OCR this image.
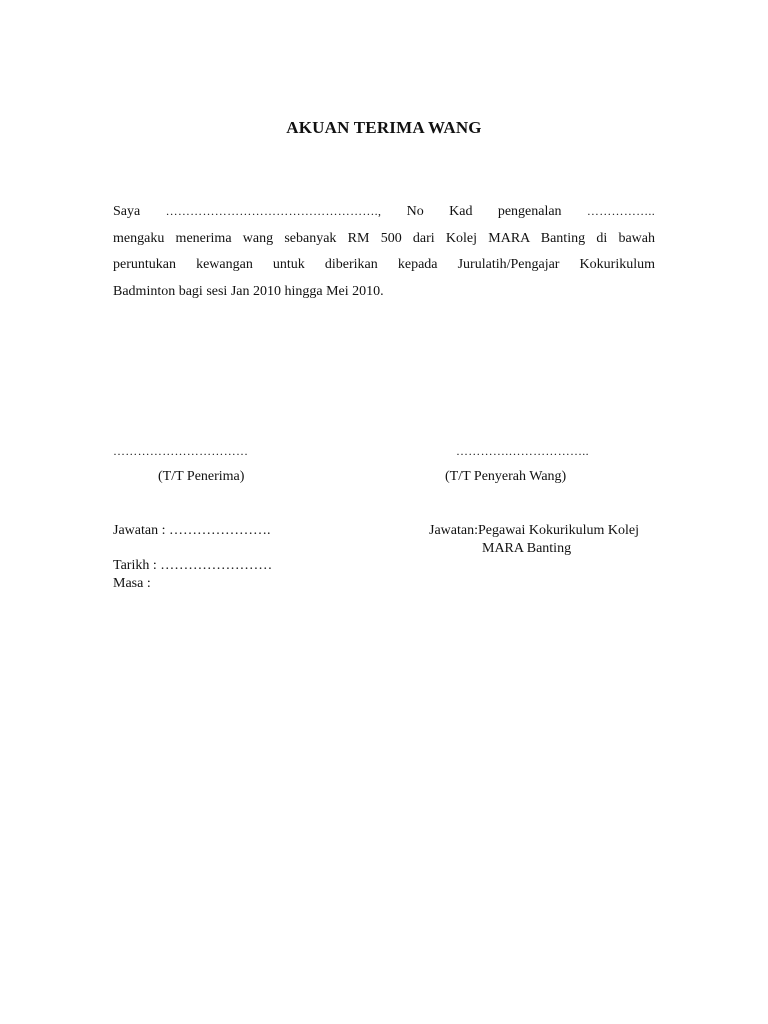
AKUAN TERIMA WANG
Saya ……………………………………………., No Kad pengenalan ……………..
mengaku menerima wang sebanyak RM 500 dari Kolej MARA Banting di bawah
peruntukan kewangan untuk diberikan kepada Jurulatih/Pengajar Kokurikulum
Badminton bagi sesi Jan 2010 hingga Mei 2010.
……………………………	………….………………..
(T/T Penerima)	(T/T Penyerah Wang)
Jawatan : ………………….	Jawatan:Pegawai Kokurikulum Kolej
MARA Banting
Tarikh : ……………………
Masa :
